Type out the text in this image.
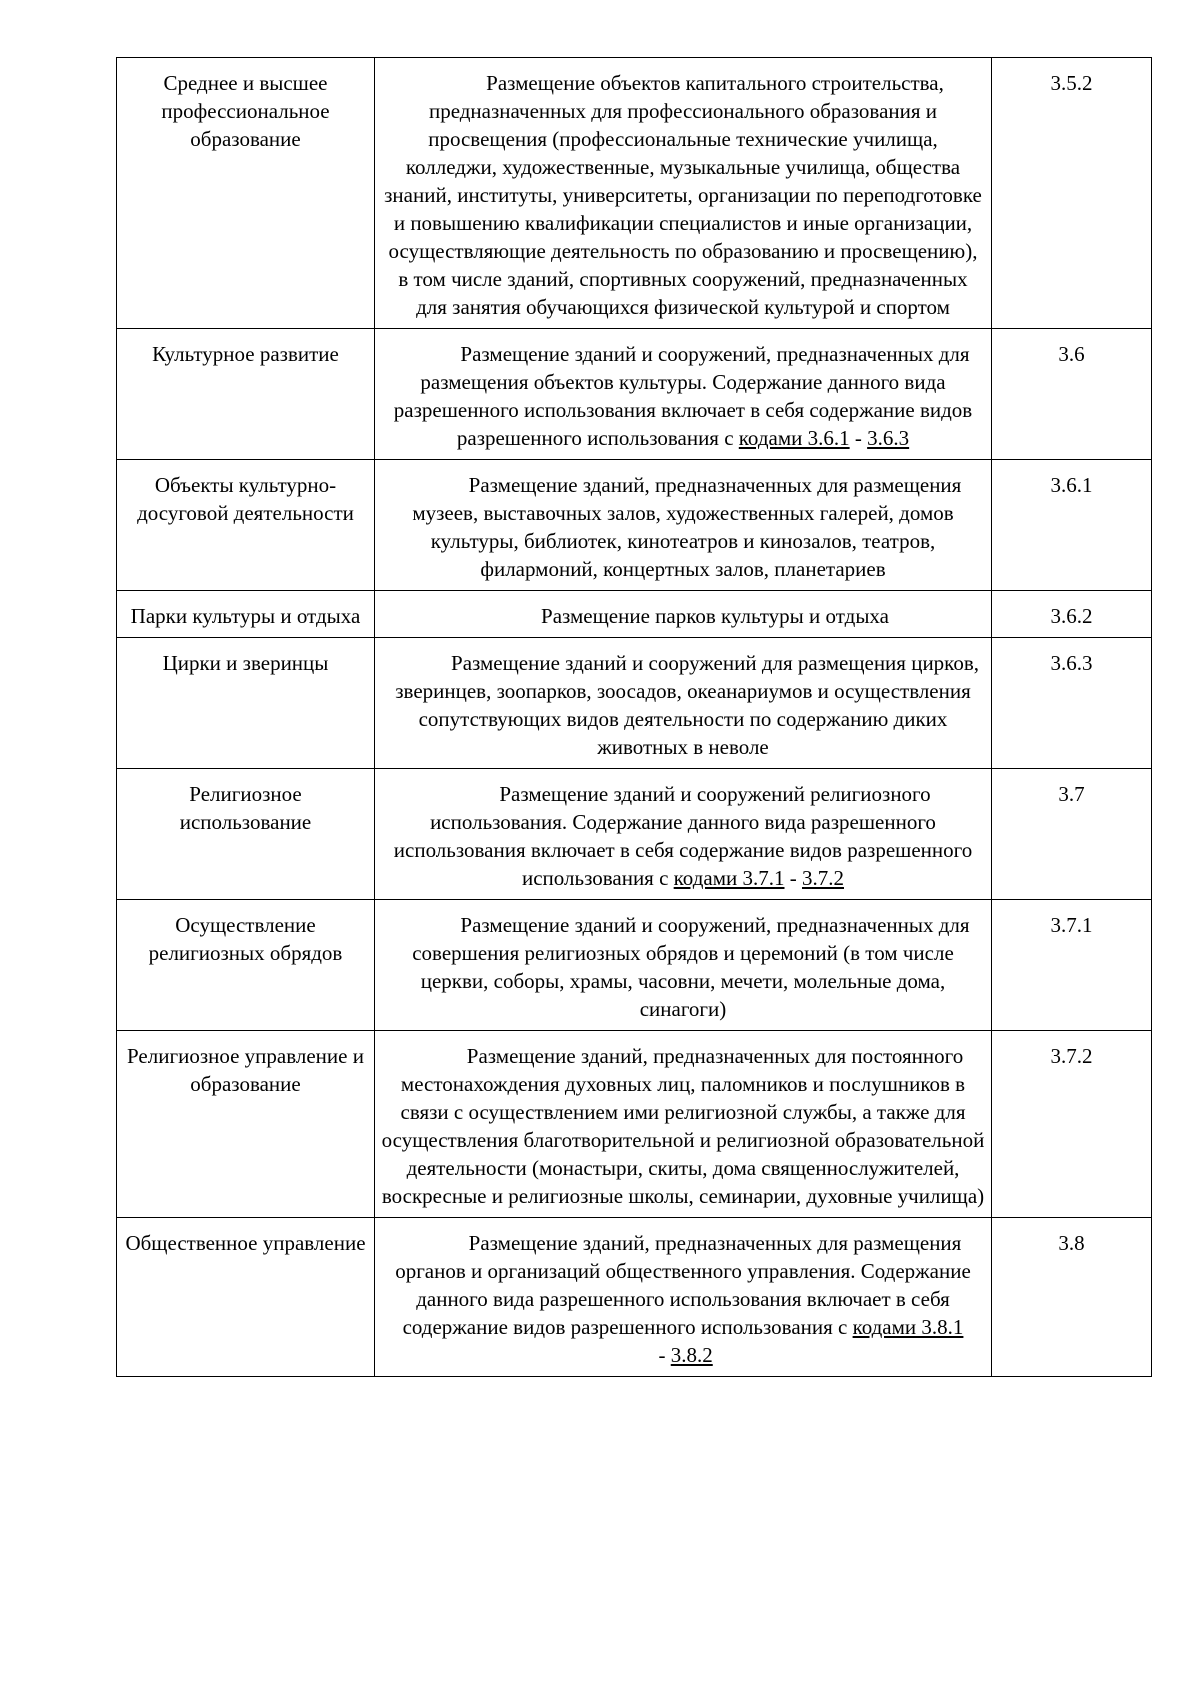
Среднее и высшее профессиональное образование	Размещение объектов капитального строительства, предназначенных для профессионального образования и просвещения (профессиональные технические училища, колледжи, художественные, музыкальные училища, общества знаний, институты, университеты, организации по переподготовке и повышению квалификации специалистов и иные организации, осуществляющие деятельность по образованию и просвещению), в том числе зданий, спортивных сооружений, предназначенных для занятия обучающихся физической культурой и спортом	3.5.2
Культурное развитие	Размещение зданий и сооружений, предназначенных для размещения объектов культуры. Содержание данного вида разрешенного использования включает в себя содержание видов разрешенного использования с кодами 3.6.1 - 3.6.3	3.6
Объекты культурно-досуговой деятельности	Размещение зданий, предназначенных для размещения музеев, выставочных залов, художественных галерей, домов культуры, библиотек, кинотеатров и кинозалов, театров, филармоний, концертных залов, планетариев	3.6.1
Парки культуры и отдыха	Размещение парков культуры и отдыха	3.6.2
Цирки и зверинцы	Размещение зданий и сооружений для размещения цирков, зверинцев, зоопарков, зоосадов, океанариумов и осуществления сопутствующих видов деятельности по содержанию диких животных в неволе	3.6.3
Религиозное использование	Размещение зданий и сооружений религиозного использования. Содержание данного вида разрешенного использования включает в себя содержание видов разрешенного использования с кодами 3.7.1 - 3.7.2	3.7
Осуществление религиозных обрядов	Размещение зданий и сооружений, предназначенных для совершения религиозных обрядов и церемоний (в том числе церкви, соборы, храмы, часовни, мечети, молельные дома, синагоги)	3.7.1
Религиозное управление и образование	Размещение зданий, предназначенных для постоянного местонахождения духовных лиц, паломников и послушников в связи с осуществлением ими религиозной службы, а также для осуществления благотворительной и религиозной образовательной деятельности (монастыри, скиты, дома священнослужителей, воскресные и религиозные школы, семинарии, духовные училища)	3.7.2
Общественное управление	Размещение зданий, предназначенных для размещения органов и организаций общественного управления. Содержание данного вида разрешенного использования включает в себя содержание видов разрешенного использования с кодами 3.8.1 - 3.8.2	3.8
